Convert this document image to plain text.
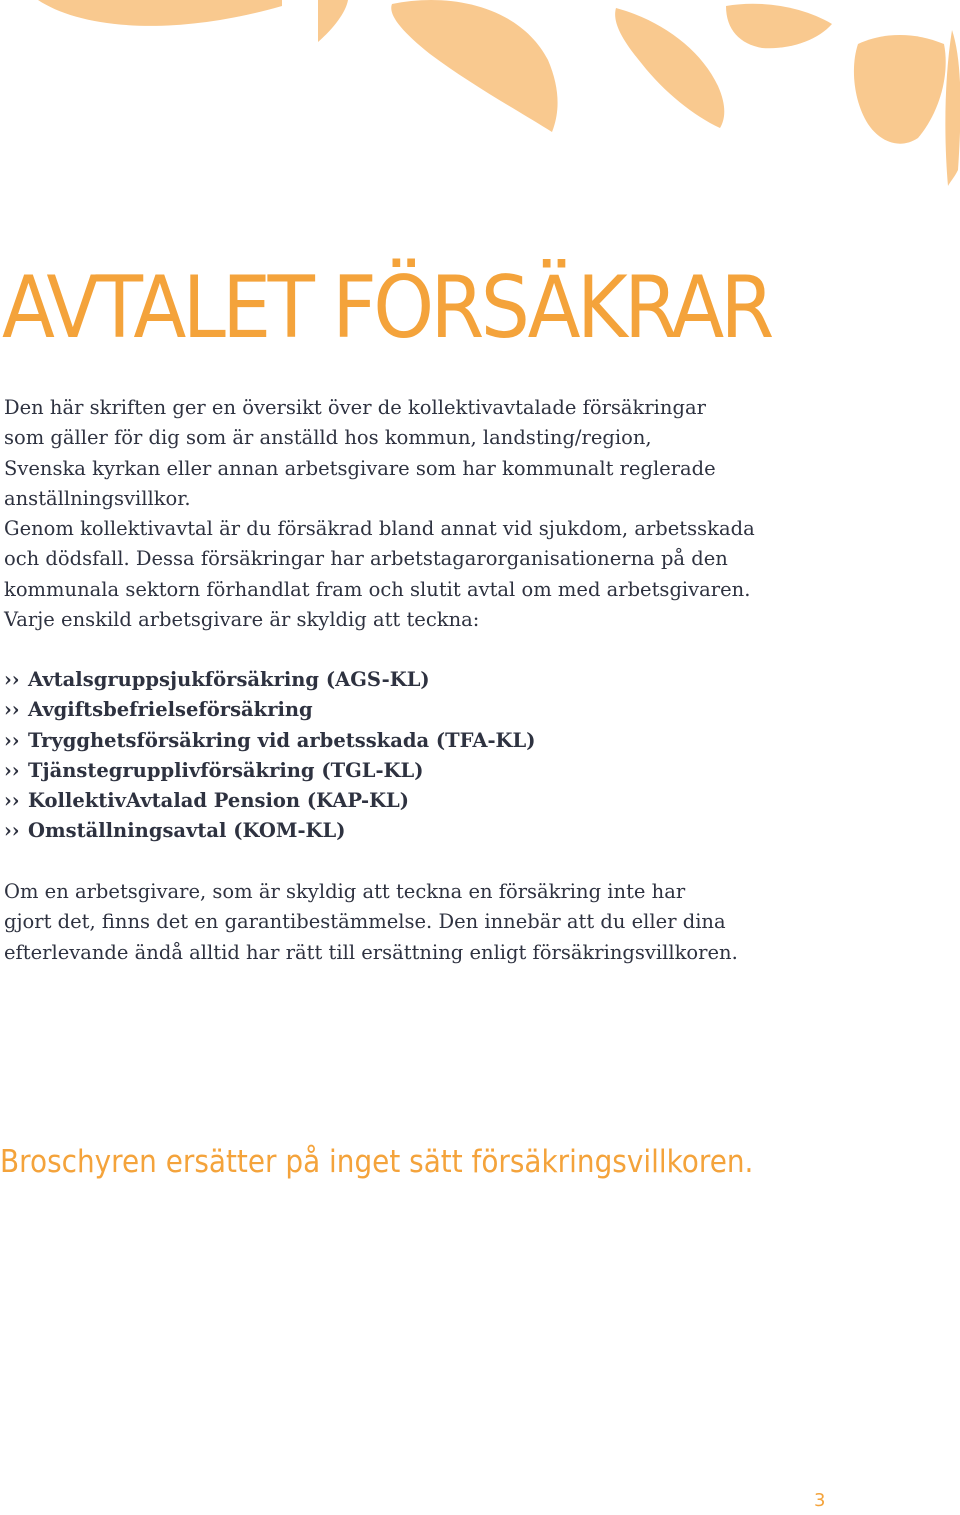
AVTALET FÖRSÄKRAR

Den här skriften ger en översikt över de kollektivavtalade försäkringar
som gäller för dig som är anställd hos kommun, landsting/region,
Svenska kyrkan eller annan arbetsgivare som har kommunalt reglerade
anställningsvillkor.
Genom kollektivavtal är du försäkrad bland annat vid sjukdom, arbetsskada
och dödsfall. Dessa försäkringar har arbetstagarorganisationerna på den
kommunala sektorn förhandlat fram och slutit avtal om med arbetsgivaren.
Varje enskild arbetsgivare är skyldig att teckna:

›› Avtalsgruppsjukförsäkring (AGS-KL)
›› Avgiftsbefrielseförsäkring
›› Trygghetsförsäkring vid arbetsskada (TFA-KL)
›› Tjänstegrupplivförsäkring (TGL-KL)
›› KollektivAvtalad Pension (KAP-KL)
›› Omställningsavtal (KOM-KL)

Om en arbetsgivare, som är skyldig att teckna en försäkring inte har
gjort det, finns det en garantibestämmelse. Den innebär att du eller dina
efterlevande ändå alltid har rätt till ersättning enligt försäkringsvillkoren.

Broschyren ersätter på inget sätt försäkringsvillkoren.

3
